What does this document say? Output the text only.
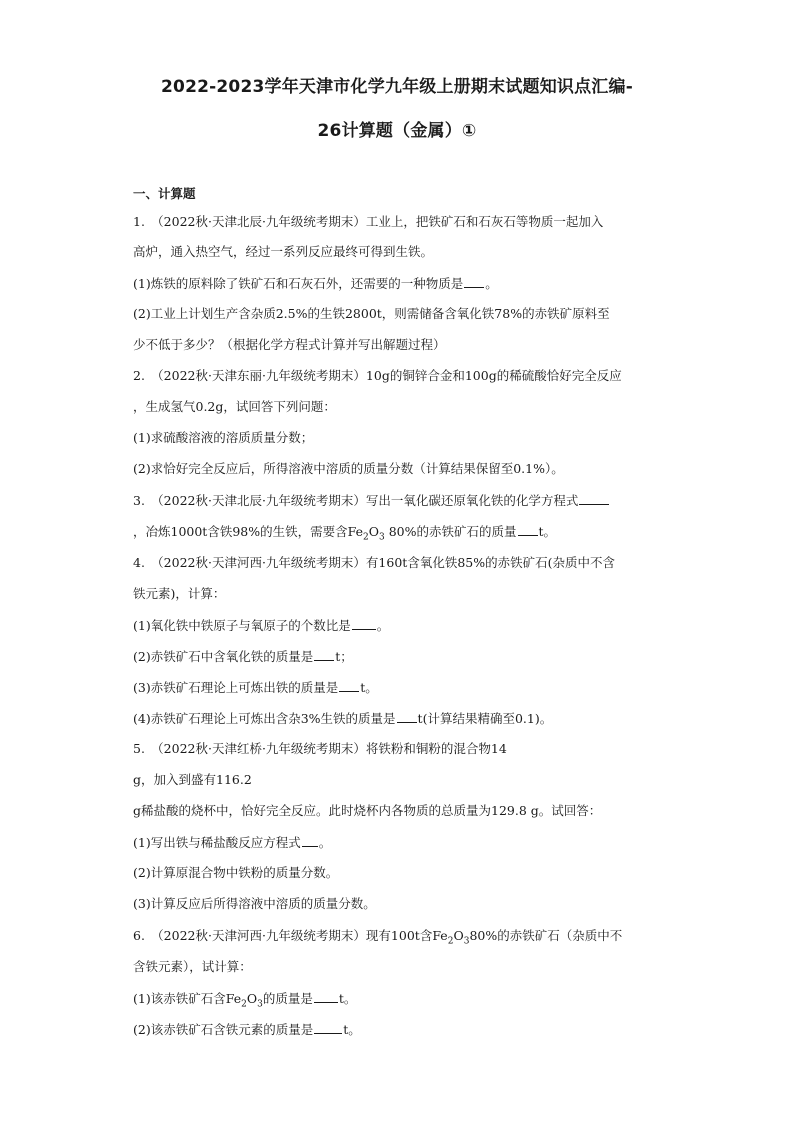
2022-2023学年天津市化学九年级上册期末试题知识点汇编-
26计算题（金属）①
一、计算题
1.　（2022秋·天津北辰·九年级统考期末）工业上，把铁矿石和石灰石等物质一起加入
高炉，通入热空气，经过一系列反应最终可得到生铁。
(1)炼铁的原料除了铁矿石和石灰石外，还需要的一种物质是 。
(2)工业上计划生产含杂质2.5%的生铁2800t，则需储备含氧化铁78%的赤铁矿原料至
少不低于多少？（根据化学方程式计算并写出解题过程）
2.　（2022秋·天津东丽·九年级统考期末）10g的铜锌合金和100g的稀硫酸恰好完全反应
，生成氢气0.2g，试回答下列问题：
(1)求硫酸溶液的溶质质量分数；
(2)求恰好完全反应后，所得溶液中溶质的质量分数（计算结果保留至0.1%）。
3.　（2022秋·天津北辰·九年级统考期末）写出一氧化碳还原氧化铁的化学方程式
，冶炼1000t含铁98%的生铁，需要含$Fe_2O_3$ 80%的赤铁矿石的质量 t。
4.　（2022秋·天津河西·九年级统考期末）有160t含氧化铁85%的赤铁矿石(杂质中不含
铁元素)，计算：
(1)氧化铁中铁原子与氧原子的个数比是 。
(2)赤铁矿石中含氧化铁的质量是 t；
(3)赤铁矿石理论上可炼出铁的质量是 t。
(4)赤铁矿石理论上可炼出含杂3%生铁的质量是 t(计算结果精确至0.1)。
5.　（2022秋·天津红桥·九年级统考期末）将铁粉和铜粉的混合物14
g，加入到盛有116.2
g稀盐酸的烧杯中，恰好完全反应。此时烧杯内各物质的总质量为129.8 g。试回答：
(1)写出铁与稀盐酸反应方程式 。
(2)计算原混合物中铁粉的质量分数。
(3)计算反应后所得溶液中溶质的质量分数。
6.　（2022秋·天津河西·九年级统考期末）现有100t含$Fe_2O_380\%$的赤铁矿石（杂质中不
含铁元素），试计算：
(1)该赤铁矿石含$Fe_2O_3$的质量是 t。
(2)该赤铁矿石含铁元素的质量是 t。
